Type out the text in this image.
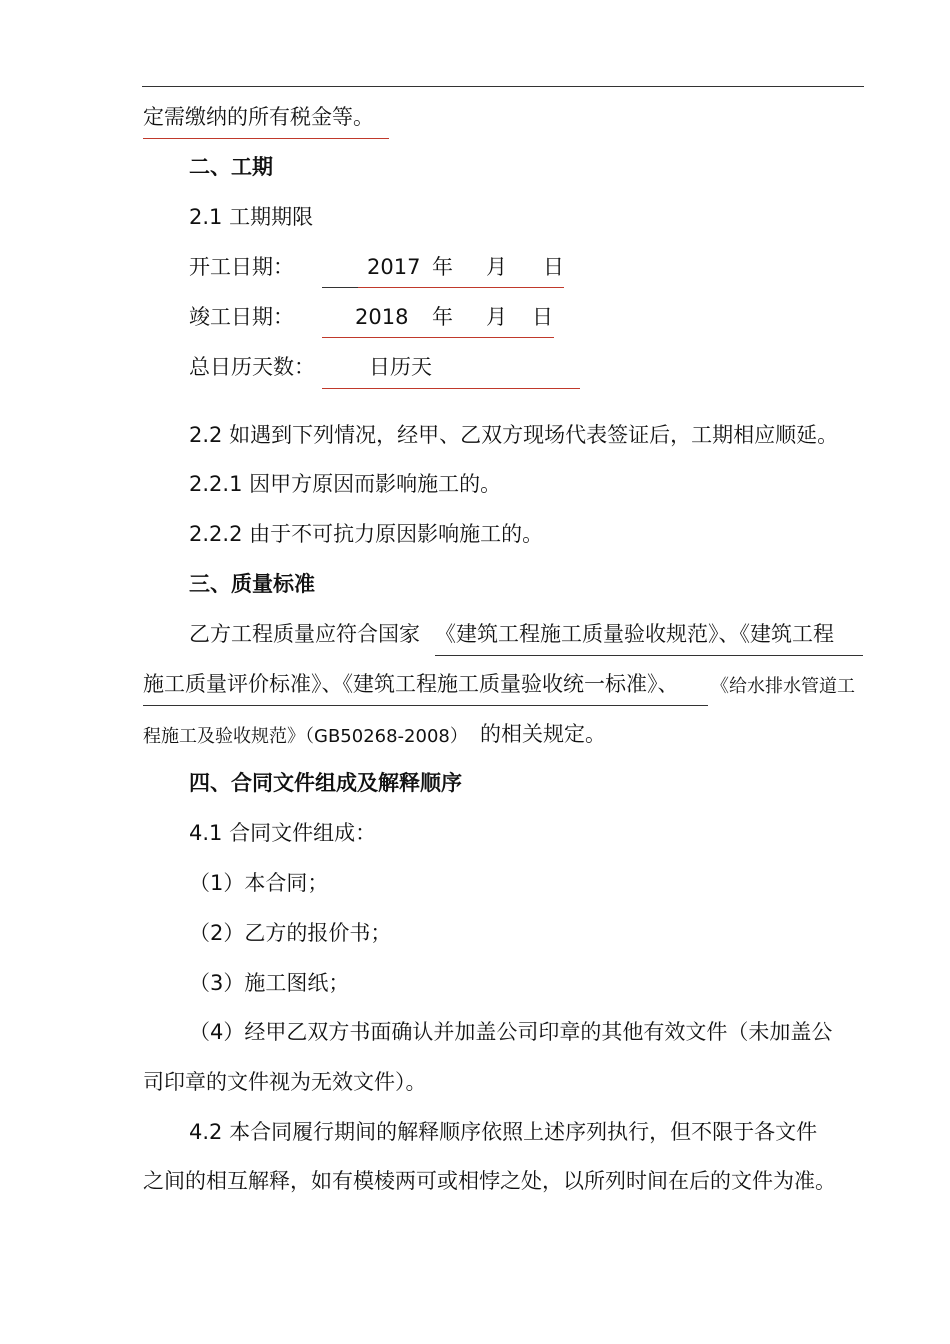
定需缴纳的所有税金等。
二、工期
2.1 工期期限
开工日期：	2017 年 月 日
竣工日期：	2018 年 月 日
总日历天数：	日历天
2.2 如遇到下列情况，经甲、乙双方现场代表签证后，工期相应顺延。
2.2.1 因甲方原因而影响施工的。
2.2.2 由于不可抗力原因影响施工的。
三、质量标准
乙方工程质量应符合国家 《建筑工程施工质量验收规范》、《建筑工程
施工质量评价标准》、《建筑工程施工质量验收统一标准》、 《给水排水管道工
程施工及验收规范》（GB50268-2008） 的相关规定。
四、合同文件组成及解释顺序
4.1 合同文件组成：
（1）本合同；
（2）乙方的报价书；
（3）施工图纸；
（4）经甲乙双方书面确认并加盖公司印章的其他有效文件（未加盖公
司印章的文件视为无效文件）。
4.2 本合同履行期间的解释顺序依照上述序列执行，但不限于各文件
之间的相互解释，如有模棱两可或相悖之处，以所列时间在后的文件为准。
